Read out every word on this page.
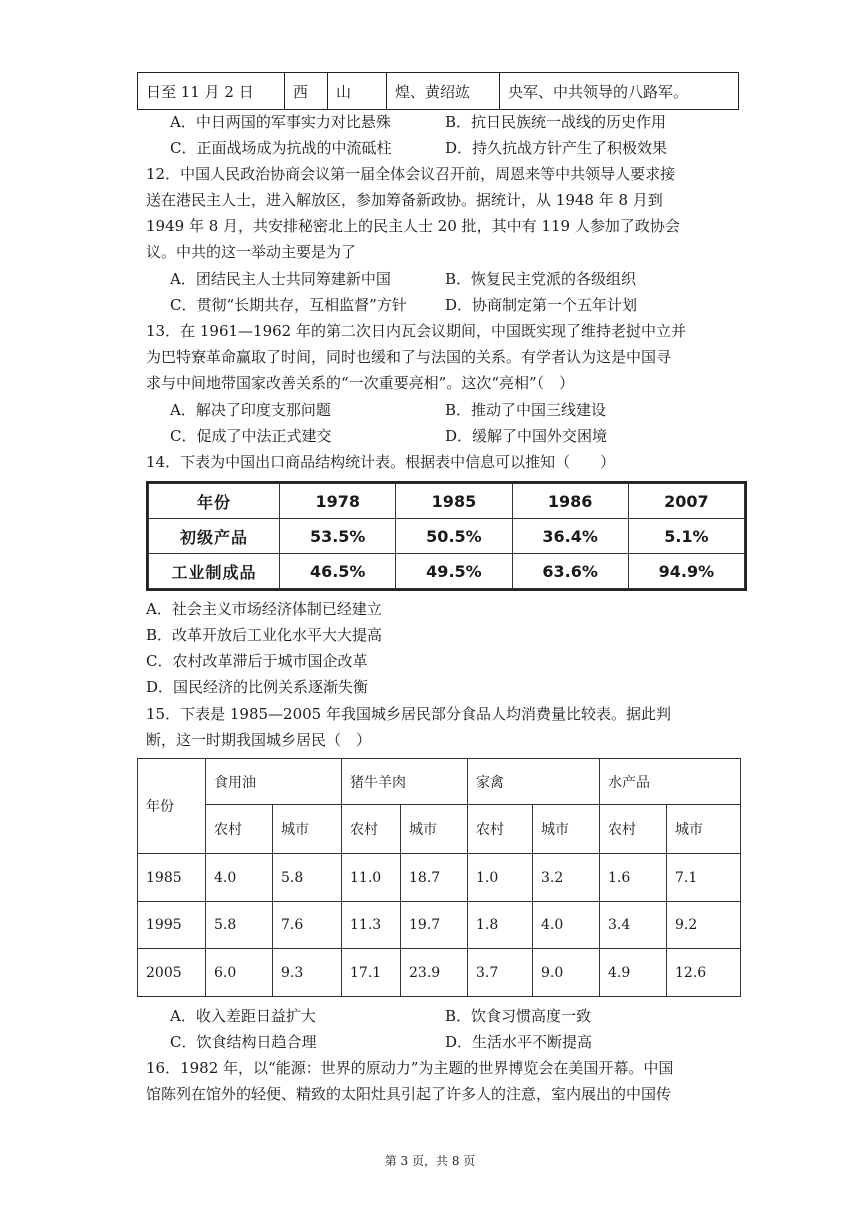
日至 11 月 2 日	西	山	煌、黄绍竑	央军、中共领导的八路军。
A．中日两国的军事实力对比悬殊	B．抗日民族统一战线的历史作用
C．正面战场成为抗战的中流砥柱	D．持久抗战方针产生了积极效果
12．中国人民政治协商会议第一届全体会议召开前，周恩来等中共领导人要求接
送在港民主人士，进入解放区，参加筹备新政协。据统计，从 1948 年 8 月到
1949 年 8 月，共安排秘密北上的民主人士 20 批，其中有 119 人参加了政协会
议。中共的这一举动主要是为了
A．团结民主人士共同筹建新中国	B．恢复民主党派的各级组织
C．贯彻“长期共存，互相监督”方针	D．协商制定第一个五年计划
13．在 1961—1962 年的第二次日内瓦会议期间，中国既实现了维持老挝中立并
为巴特寮革命赢取了时间，同时也缓和了与法国的关系。有学者认为这是中国寻
求与中间地带国家改善关系的“一次重要亮相”。这次“亮相”（　）
A．解决了印度支那问题	B．推动了中国三线建设
C．促成了中法正式建交	D．缓解了中国外交困境
14．下表为中国出口商品结构统计表。根据表中信息可以推知（　　）
年份	1978	1985	1986	2007
初级产品	53.5%	50.5%	36.4%	5.1%
工业制成品	46.5%	49.5%	63.6%	94.9%
A．社会主义市场经济体制已经建立
B．改革开放后工业化水平大大提高
C．农村改革滞后于城市国企改革
D．国民经济的比例关系逐渐失衡
15．下表是 1985—2005 年我国城乡居民部分食品人均消费量比较表。据此判
断，这一时期我国城乡居民（　）
年份	食用油		猪牛羊肉		家禽		水产品	
	农村	城市	农村	城市	农村	城市	农村	城市
1985	4.0	5.8	11.0	18.7	1.0	3.2	1.6	7.1
1995	5.8	7.6	11.3	19.7	1.8	4.0	3.4	9.2
2005	6.0	9.3	17.1	23.9	3.7	9.0	4.9	12.6
A．收入差距日益扩大	B．饮食习惯高度一致
C．饮食结构日趋合理	D．生活水平不断提高
16．1982 年，以“能源：世界的原动力”为主题的世界博览会在美国开幕。中国
馆陈列在馆外的轻便、精致的太阳灶具引起了许多人的注意，室内展出的中国传
第 3 页，共 8 页
